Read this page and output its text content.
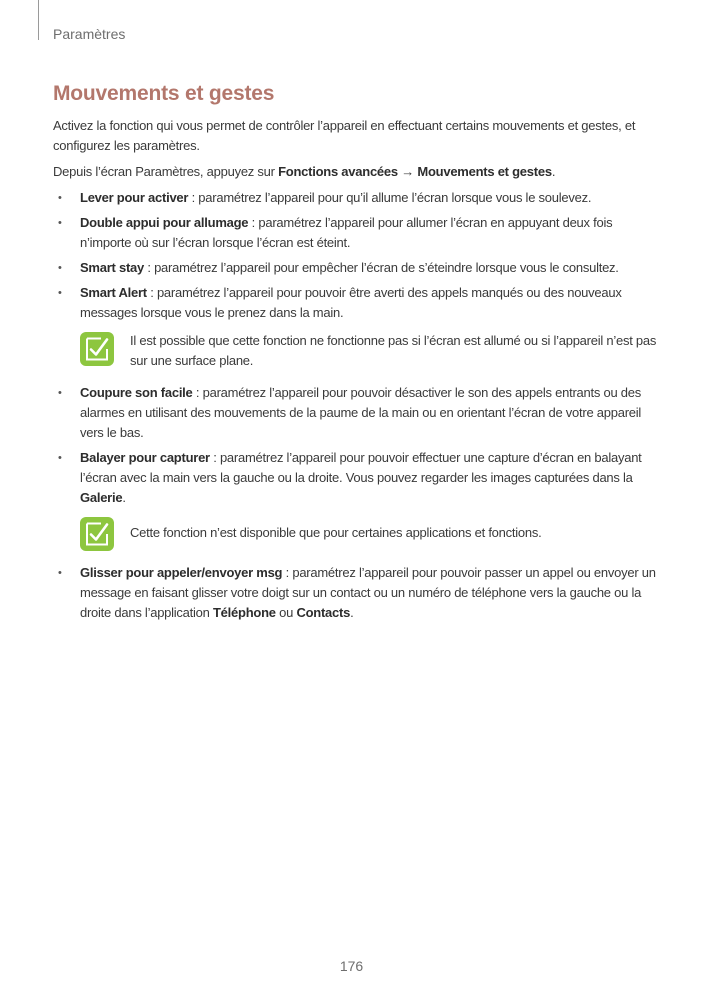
Paramètres
Mouvements et gestes

Activez la fonction qui vous permet de contrôler l’appareil en effectuant certains mouvements et gestes, et configurez les paramètres.

Depuis l’écran Paramètres, appuyez sur Fonctions avancées → Mouvements et gestes.

• Lever pour activer : paramétrez l’appareil pour qu’il allume l’écran lorsque vous le soulevez.
• Double appui pour allumage : paramétrez l’appareil pour allumer l’écran en appuyant deux fois n’importe où sur l’écran lorsque l’écran est éteint.
• Smart stay : paramétrez l’appareil pour empêcher l’écran de s’éteindre lorsque vous le consultez.
• Smart Alert : paramétrez l’appareil pour pouvoir être averti des appels manqués ou des nouveaux messages lorsque vous le prenez dans la main.
Il est possible que cette fonction ne fonctionne pas si l’écran est allumé ou si l’appareil n’est pas sur une surface plane.
• Coupure son facile : paramétrez l’appareil pour pouvoir désactiver le son des appels entrants ou des alarmes en utilisant des mouvements de la paume de la main ou en orientant l’écran de votre appareil vers le bas.
• Balayer pour capturer : paramétrez l’appareil pour pouvoir effectuer une capture d’écran en balayant l’écran avec la main vers la gauche ou la droite. Vous pouvez regarder les images capturées dans la Galerie.
Cette fonction n’est disponible que pour certaines applications et fonctions.
• Glisser pour appeler/envoyer msg : paramétrez l’appareil pour pouvoir passer un appel ou envoyer un message en faisant glisser votre doigt sur un contact ou un numéro de téléphone vers la gauche ou la droite dans l’application Téléphone ou Contacts.
176
